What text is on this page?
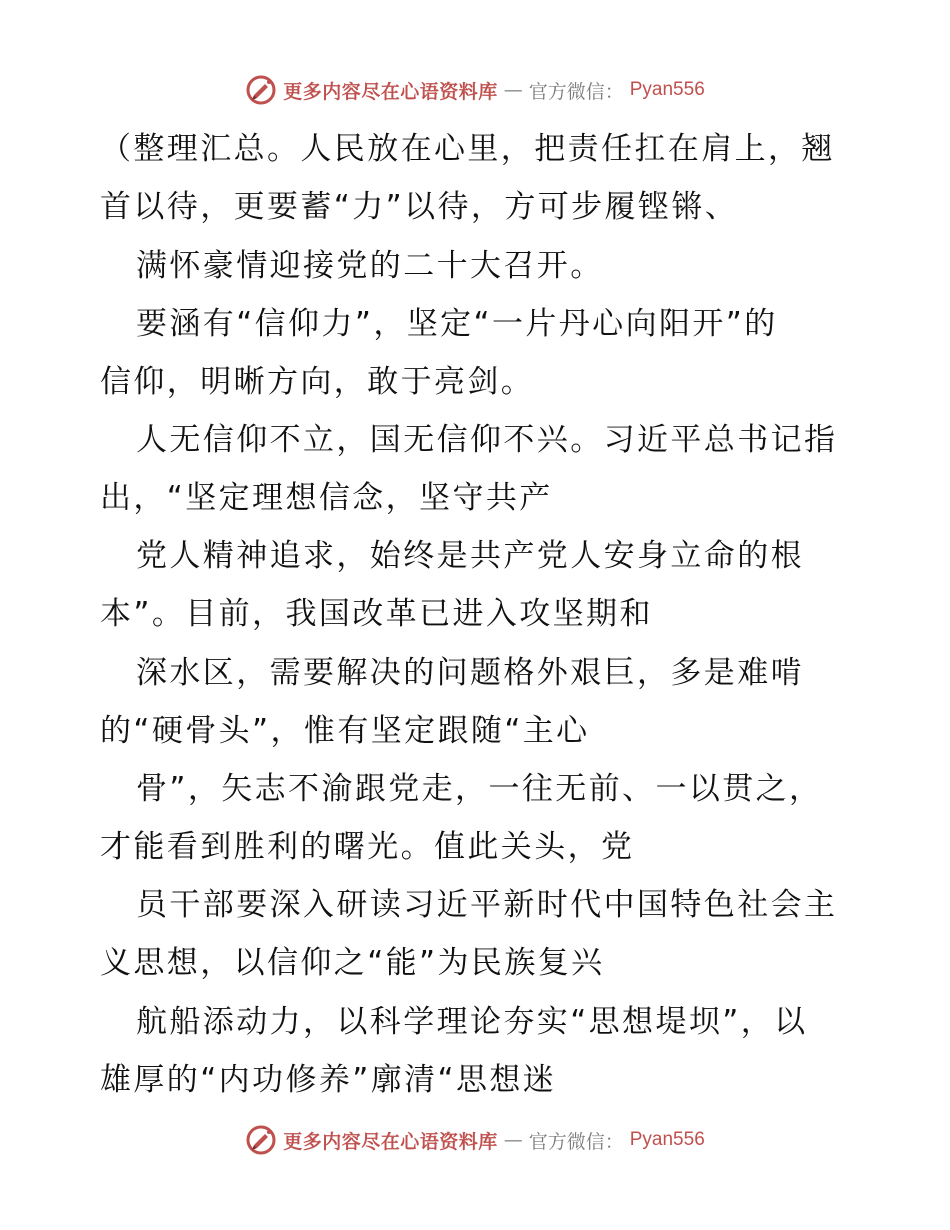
更多内容尽在心语资料库 — 官方微信： Pyan556
（整理汇总。人民放在心里，把责任扛在肩上，翘
首以待，更要蓄“力”以待，方可步履铿锵、
满怀豪情迎接党的二十大召开。
要涵有“信仰力”，坚定“一片丹心向阳开”的
信仰，明晰方向，敢于亮剑。
人无信仰不立，国无信仰不兴。习近平总书记指
出，“坚定理想信念，坚守共产
党人精神追求，始终是共产党人安身立命的根
本”。目前，我国改革已进入攻坚期和
深水区，需要解决的问题格外艰巨，多是难啃
的“硬骨头”，惟有坚定跟随“主心
骨”，矢志不渝跟党走，一往无前、一以贯之，
才能看到胜利的曙光。值此关头，党
员干部要深入研读习近平新时代中国特色社会主
义思想，以信仰之“能”为民族复兴
航船添动力，以科学理论夯实“思想堤坝”，以
雄厚的“内功修养”廓清“思想迷
更多内容尽在心语资料库 — 官方微信： Pyan556
